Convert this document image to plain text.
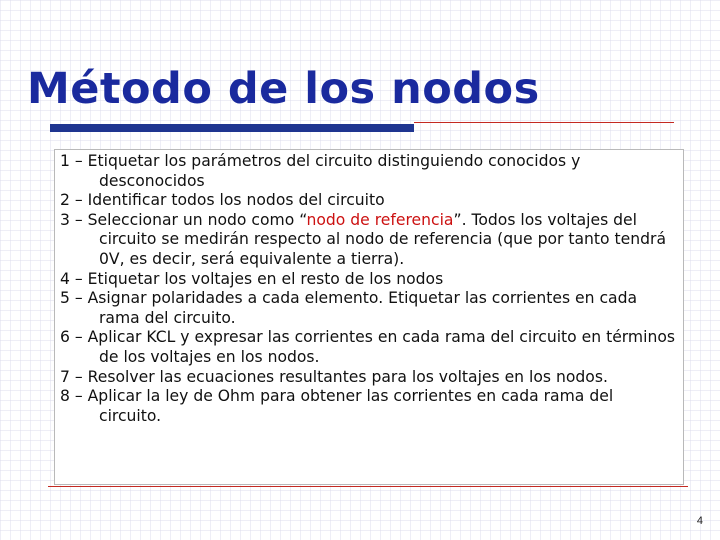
Método de los nodos
1 – Etiquetar los parámetros del circuito distinguiendo conocidos y desconocidos
2 – Identificar todos los nodos del circuito
3 – Seleccionar un nodo como “nodo de referencia”. Todos los voltajes del circuito se medirán respecto al nodo de referencia (que por tanto tendrá 0V, es decir, será equivalente a tierra).
4 – Etiquetar los voltajes en el resto de los nodos
5 – Asignar polaridades a cada elemento. Etiquetar las corrientes en cada rama del circuito.
6 – Aplicar KCL y expresar las corrientes en cada rama del circuito en términos de los voltajes en los nodos.
7 – Resolver las ecuaciones resultantes para los voltajes en los nodos.
8 – Aplicar la ley de Ohm para obtener las corrientes en cada rama del circuito.
4
